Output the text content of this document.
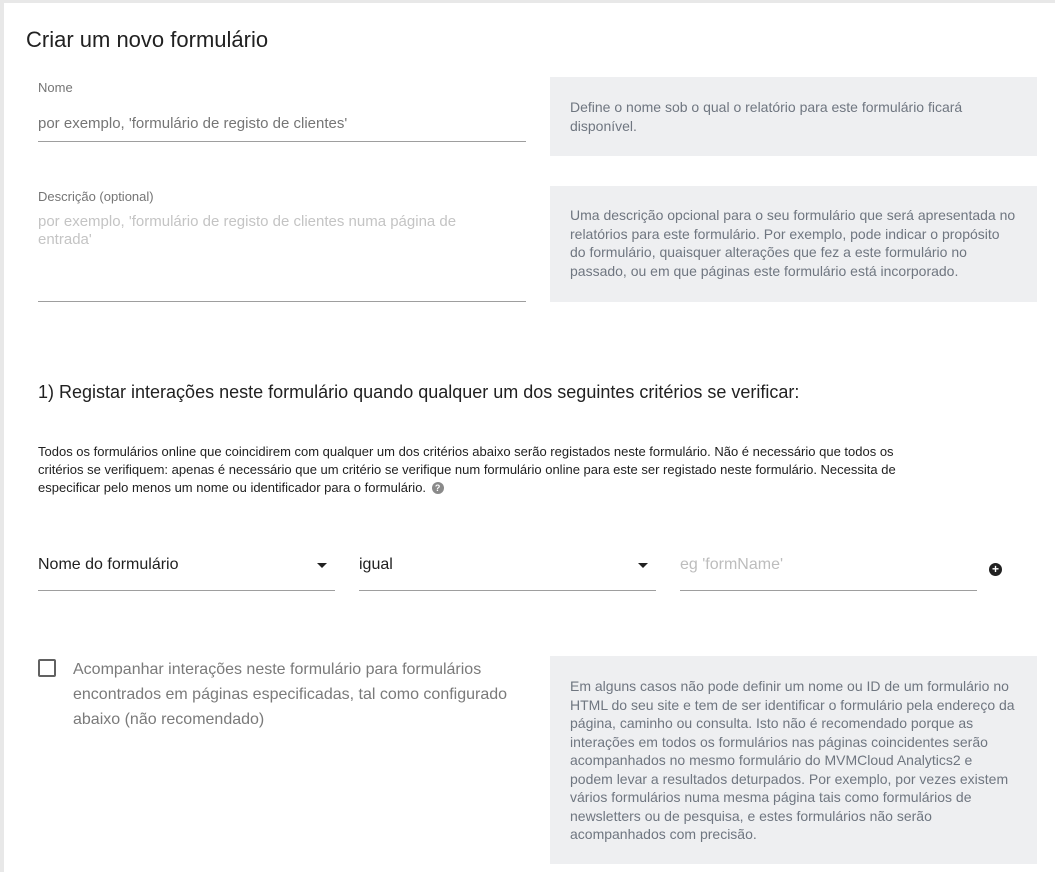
Criar um novo formulário
Nome
por exemplo, 'formulário de registo de clientes'
Define o nome sob o qual o relatório para este formulário ficará disponível.
Descrição (optional)
por exemplo, 'formulário de registo de clientes numa página de entrada'
Uma descrição opcional para o seu formulário que será apresentada no relatórios para este formulário. Por exemplo, pode indicar o propósito do formulário, quaisquer alterações que fez a este formulário no passado, ou em que páginas este formulário está incorporado.
1) Registar interações neste formulário quando qualquer um dos seguintes critérios se verificar:
Todos os formulários online que coincidirem com qualquer um dos critérios abaixo serão registados neste formulário. Não é necessário que todos os critérios se verifiquem: apenas é necessário que um critério se verifique num formulário online para este ser registado neste formulário. Necessita de especificar pelo menos um nome ou identificador para o formulário. ?
Nome do formulário	igual	eg 'formName'	+
Acompanhar interações neste formulário para formulários encontrados em páginas especificadas, tal como configurado abaixo (não recomendado)
Em alguns casos não pode definir um nome ou ID de um formulário no HTML do seu site e tem de ser identificar o formulário pela endereço da página, caminho ou consulta. Isto não é recomendado porque as interações em todos os formulários nas páginas coincidentes serão acompanhados no mesmo formulário do MVMCloud Analytics2 e podem levar a resultados deturpados. Por exemplo, por vezes existem vários formulários numa mesma página tais como formulários de newsletters ou de pesquisa, e estes formulários não serão acompanhados com precisão.
